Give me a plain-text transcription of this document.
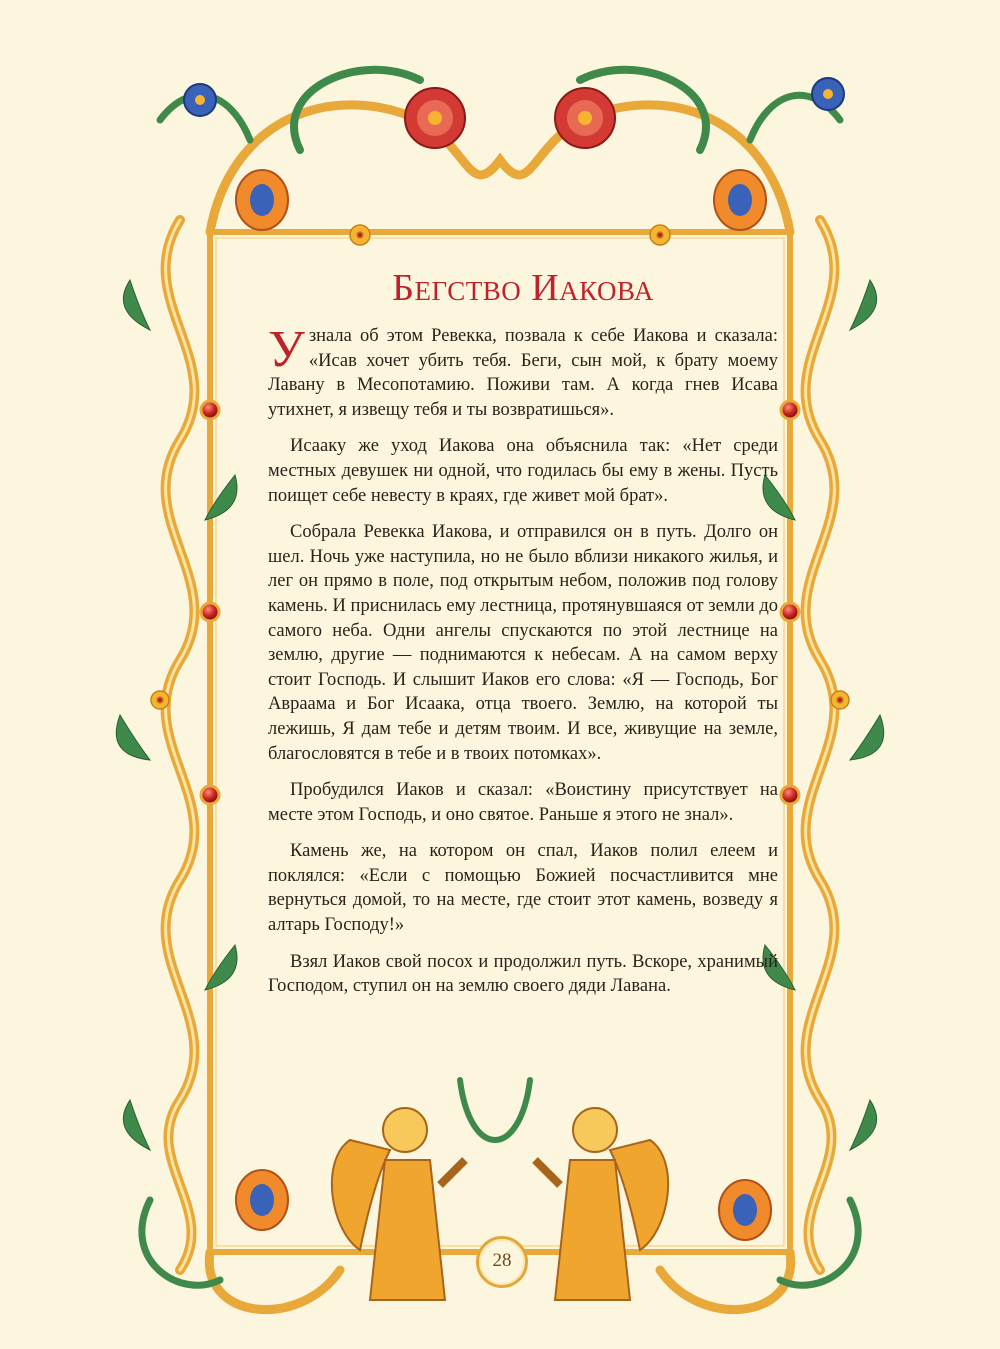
Бегство Иакова

Узнала об этом Ревекка, позвала к себе Иакова и сказала: «Исав хочет убить тебя. Беги, сын мой, к брату моему Лавану в Месопотамию. Поживи там. А когда гнев Исава утихнет, я извещу тебя и ты возвратишься».

Исааку же уход Иакова она объяснила так: «Нет среди местных девушек ни одной, что годилась бы ему в жены. Пусть поищет себе невесту в краях, где живет мой брат».

Собрала Ревекка Иакова, и отправился он в путь. Долго он шел. Ночь уже наступила, но не было вблизи никакого жилья, и лег он прямо в поле, под открытым небом, положив под голову камень. И приснилась ему лестница, протянувшаяся от земли до самого неба. Одни ангелы спускаются по этой лестнице на землю, другие — поднимаются к небесам. А на самом верху стоит Господь. И слышит Иаков его слова: «Я — Господь, Бог Авраама и Бог Исаака, отца твоего. Землю, на которой ты лежишь, Я дам тебе и детям твоим. И все, живущие на земле, благословятся в тебе и в твоих потомках».

Пробудился Иаков и сказал: «Воистину присутствует на месте этом Господь, и оно святое. Раньше я этого не знал».

Камень же, на котором он спал, Иаков полил елеем и поклялся: «Если с помощью Божией посчастливится мне вернуться домой, то на месте, где стоит этот камень, возведу я алтарь Господу!»

Взял Иаков свой посох и продолжил путь. Вскоре, хранимый Господом, ступил он на землю своего дяди Лавана.

28
